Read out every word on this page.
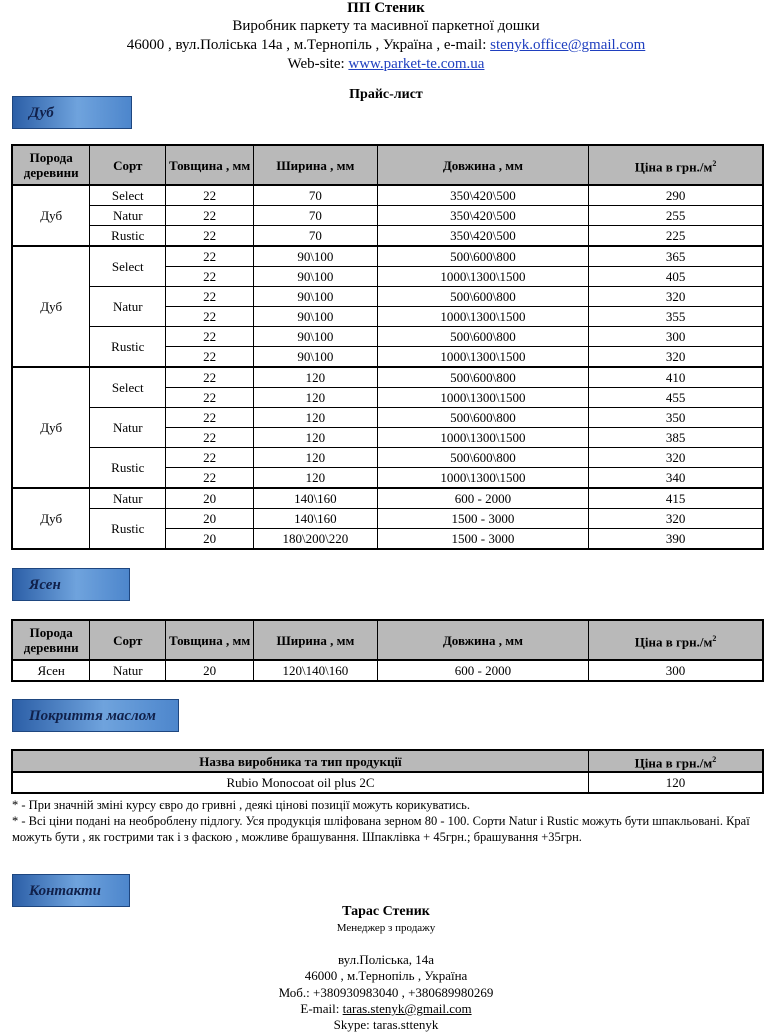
ПП Стеник
Виробник паркету та масивної паркетної дошки
46000 , вул.Поліська 14а , м.Тернопіль , Україна , e-mail: stenyk.office@gmail.com
Web-site: www.parket-te.com.ua
Прайс-лист
Дуб
Порода деревини	Сорт	Товщина , мм	Ширина , мм	Довжина , мм	Ціна в $грн./м^2$
Дуб	Select	22	70	350\420\500	290
	Natur	22	70	350\420\500	255
	Rustic	22	70	350\420\500	225
Дуб	Select	22	90\100	500\600\800	365
		22	90\100	1000\1300\1500	405
	Natur	22	90\100	500\600\800	320
		22	90\100	1000\1300\1500	355
	Rustic	22	90\100	500\600\800	300
		22	90\100	1000\1300\1500	320
Дуб	Select	22	120	500\600\800	410
		22	120	1000\1300\1500	455
	Natur	22	120	500\600\800	350
		22	120	1000\1300\1500	385
	Rustic	22	120	500\600\800	320
		22	120	1000\1300\1500	340
Дуб	Natur	20	140\160	600 - 2000	415
	Rustic	20	140\160	1500 - 3000	320
		20	180\200\220	1500 - 3000	390
Ясен
Порода деревини	Сорт	Товщина , мм	Ширина , мм	Довжина , мм	Ціна в $грн./м^2$
Ясен	Natur	20	120\140\160	600 - 2000	300
Покриття маслом
Назва виробника та тип продукції	Ціна в $грн./м^2$
Rubio Monocoat oil plus 2C	120
* - При значній зміні курсу євро до гривні , деякі цінові позиції можуть корикуватись.
* - Всі ціни подані на необроблену підлогу. Уся продукція шліфована зерном 80 - 100. Сорти Natur і Rustic можуть бути шпакльовані. Краї можуть бути , як гострими так і з фаскою , можливе брашування. Шпаклівка + 45грн.; брашування +35грн.
Контакти
Тарас Стеник
Менеджер з продажу
вул.Поліська, 14а
46000 , м.Тернопіль , Україна
Моб.: +380930983040 , +380689980269
E-mail: taras.stenyk@gmail.com
Skype: taras.sttenyk
